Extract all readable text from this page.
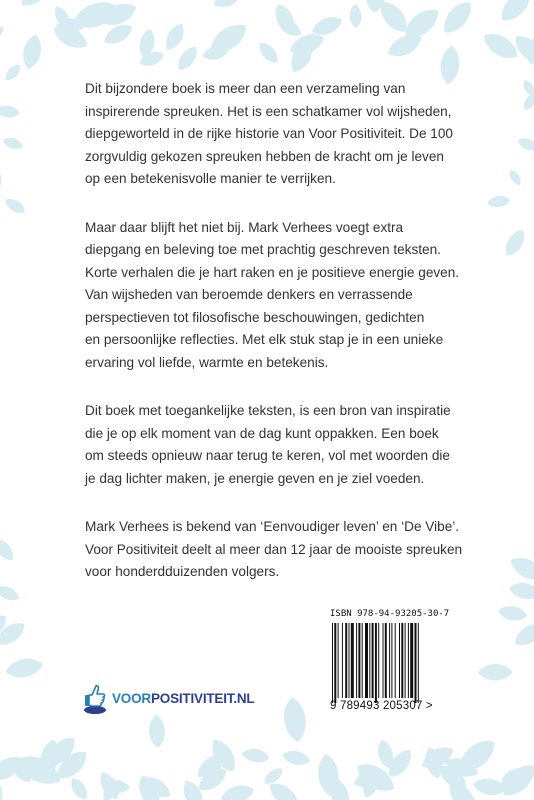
Dit bijzondere boek is meer dan een verzameling van
inspirerende spreuken. Het is een schatkamer vol wijsheden,
diepgeworteld in de rijke historie van Voor Positiviteit. De 100
zorgvuldig gekozen spreuken hebben de kracht om je leven
op een betekenisvolle manier te verrijken.

Maar daar blijft het niet bij. Mark Verhees voegt extra
diepgang en beleving toe met prachtig geschreven teksten.
Korte verhalen die je hart raken en je positieve energie geven.
Van wijsheden van beroemde denkers en verrassende
perspectieven tot filosofische beschouwingen, gedichten
en persoonlijke reflecties. Met elk stuk stap je in een unieke
ervaring vol liefde, warmte en betekenis.

Dit boek met toegankelijke teksten, is een bron van inspiratie
die je op elk moment van de dag kunt oppakken. Een boek
om steeds opnieuw naar terug te keren, vol met woorden die
je dag lichter maken, je energie geven en je ziel voeden.

Mark Verhees is bekend van ‘Eenvoudiger leven’ en ‘De Vibe’.
Voor Positiviteit deelt al meer dan 12 jaar de mooiste spreuken
voor honderdduizenden volgers.

VOORPOSITIVITEIT.NL
ISBN 978-94-93205-30-7
9 789493 205307 >
